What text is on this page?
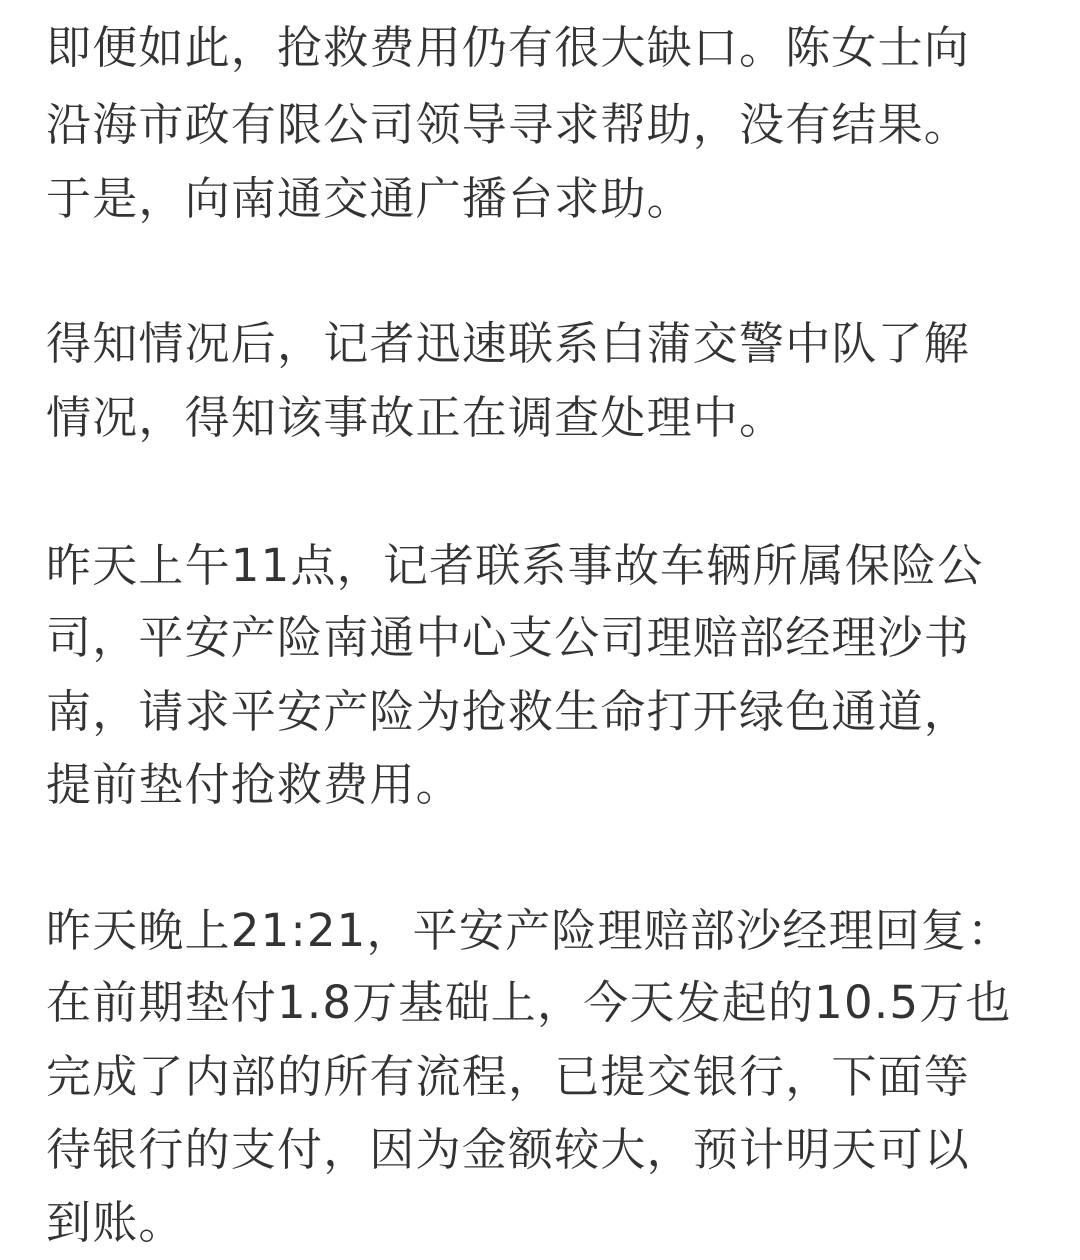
即便如此，抢救费用仍有很大缺口。陈女士向
沿海市政有限公司领导寻求帮助，没有结果。
于是，向南通交通广播台求助。
得知情况后，记者迅速联系白蒲交警中队了解
情况，得知该事故正在调查处理中。
昨天上午11点，记者联系事故车辆所属保险公
司，平安产险南通中心支公司理赔部经理沙书
南，请求平安产险为抢救生命打开绿色通道，
提前垫付抢救费用。
昨天晚上21:21，平安产险理赔部沙经理回复：
在前期垫付1.8万基础上，今天发起的10.5万也
完成了内部的所有流程，已提交银行，下面等
待银行的支付，因为金额较大，预计明天可以
到账。
